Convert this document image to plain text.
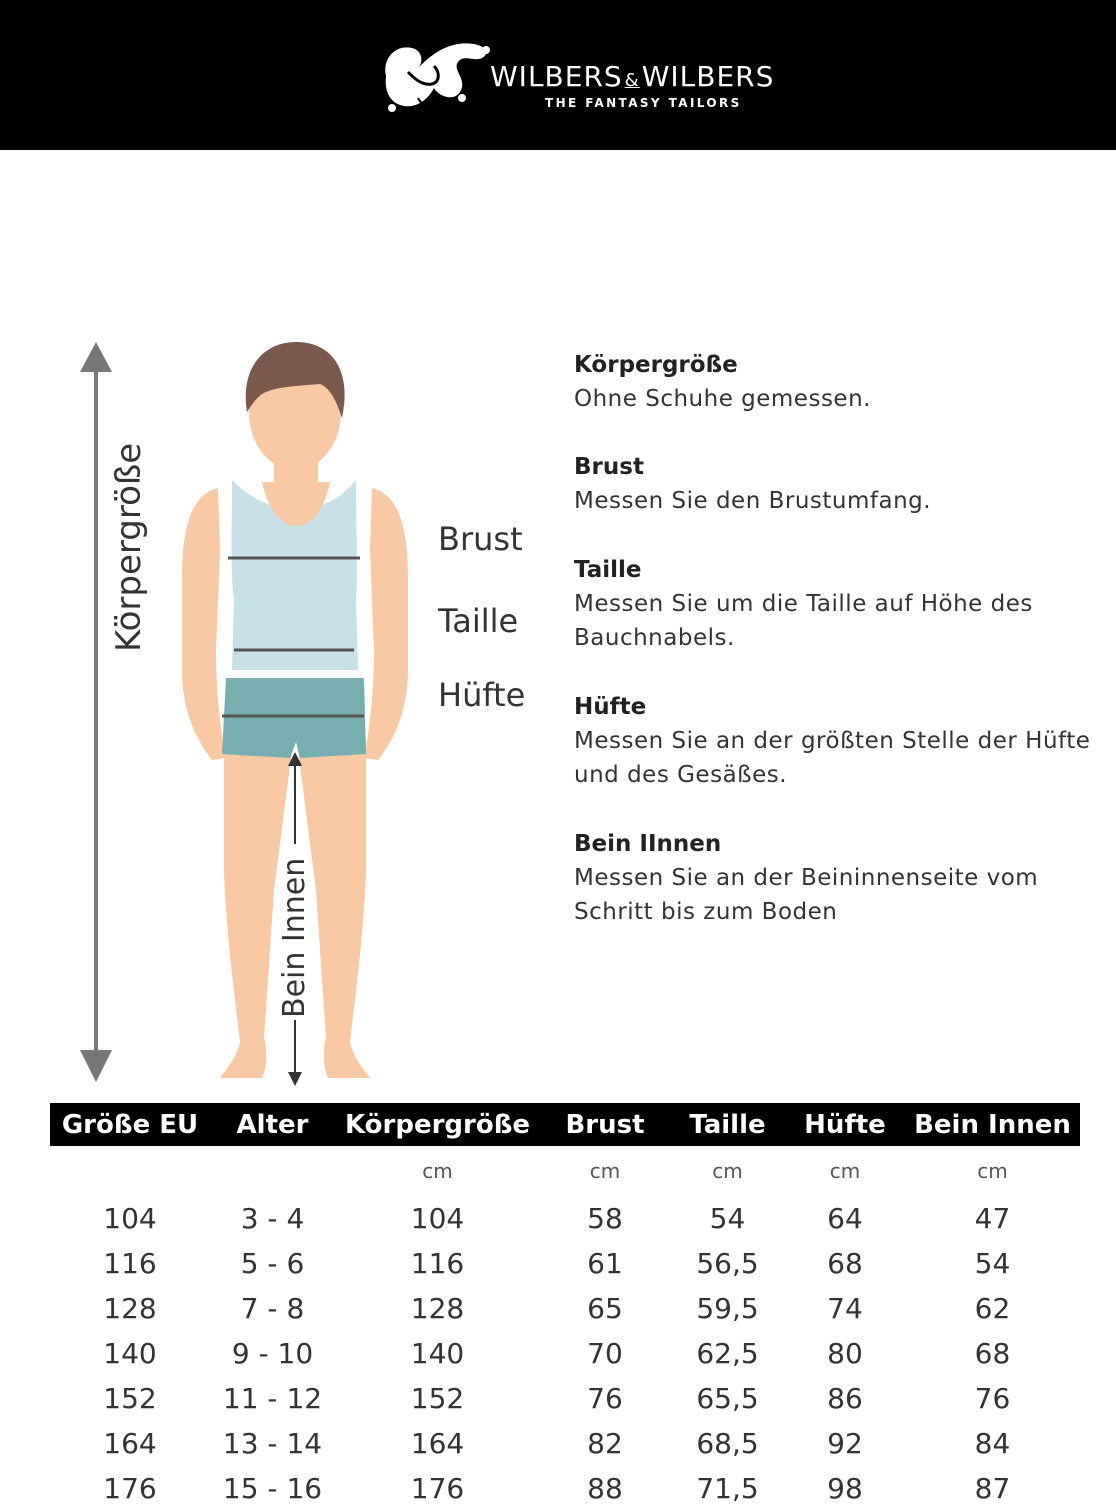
WILBERS &WILBERS
THE FANTASY TAILORS
Körpergröße
Bein Innen
Brust
Taille
Hüfte
Körpergröße
Ohne Schuhe gemessen.
Brust
Messen Sie den Brustumfang.
Taille
Messen Sie um die Taille auf Höhe des Bauchnabels.
Hüfte
Messen Sie an der größten Stelle der Hüfte und des Gesäßes.
Bein IInnen
Messen Sie an der Beininnenseite vom Schritt bis zum Boden
Größe EU	Alter	Körpergröße	Brust	Taille	Hüfte	Bein Innen
		cm	cm	cm	cm	cm
104	3 - 4	104	58	54	64	47
116	5 - 6	116	61	56,5	68	54
128	7 - 8	128	65	59,5	74	62
140	9 - 10	140	70	62,5	80	68
152	11 - 12	152	76	65,5	86	76
164	13 - 14	164	82	68,5	92	84
176	15 - 16	176	88	71,5	98	87
